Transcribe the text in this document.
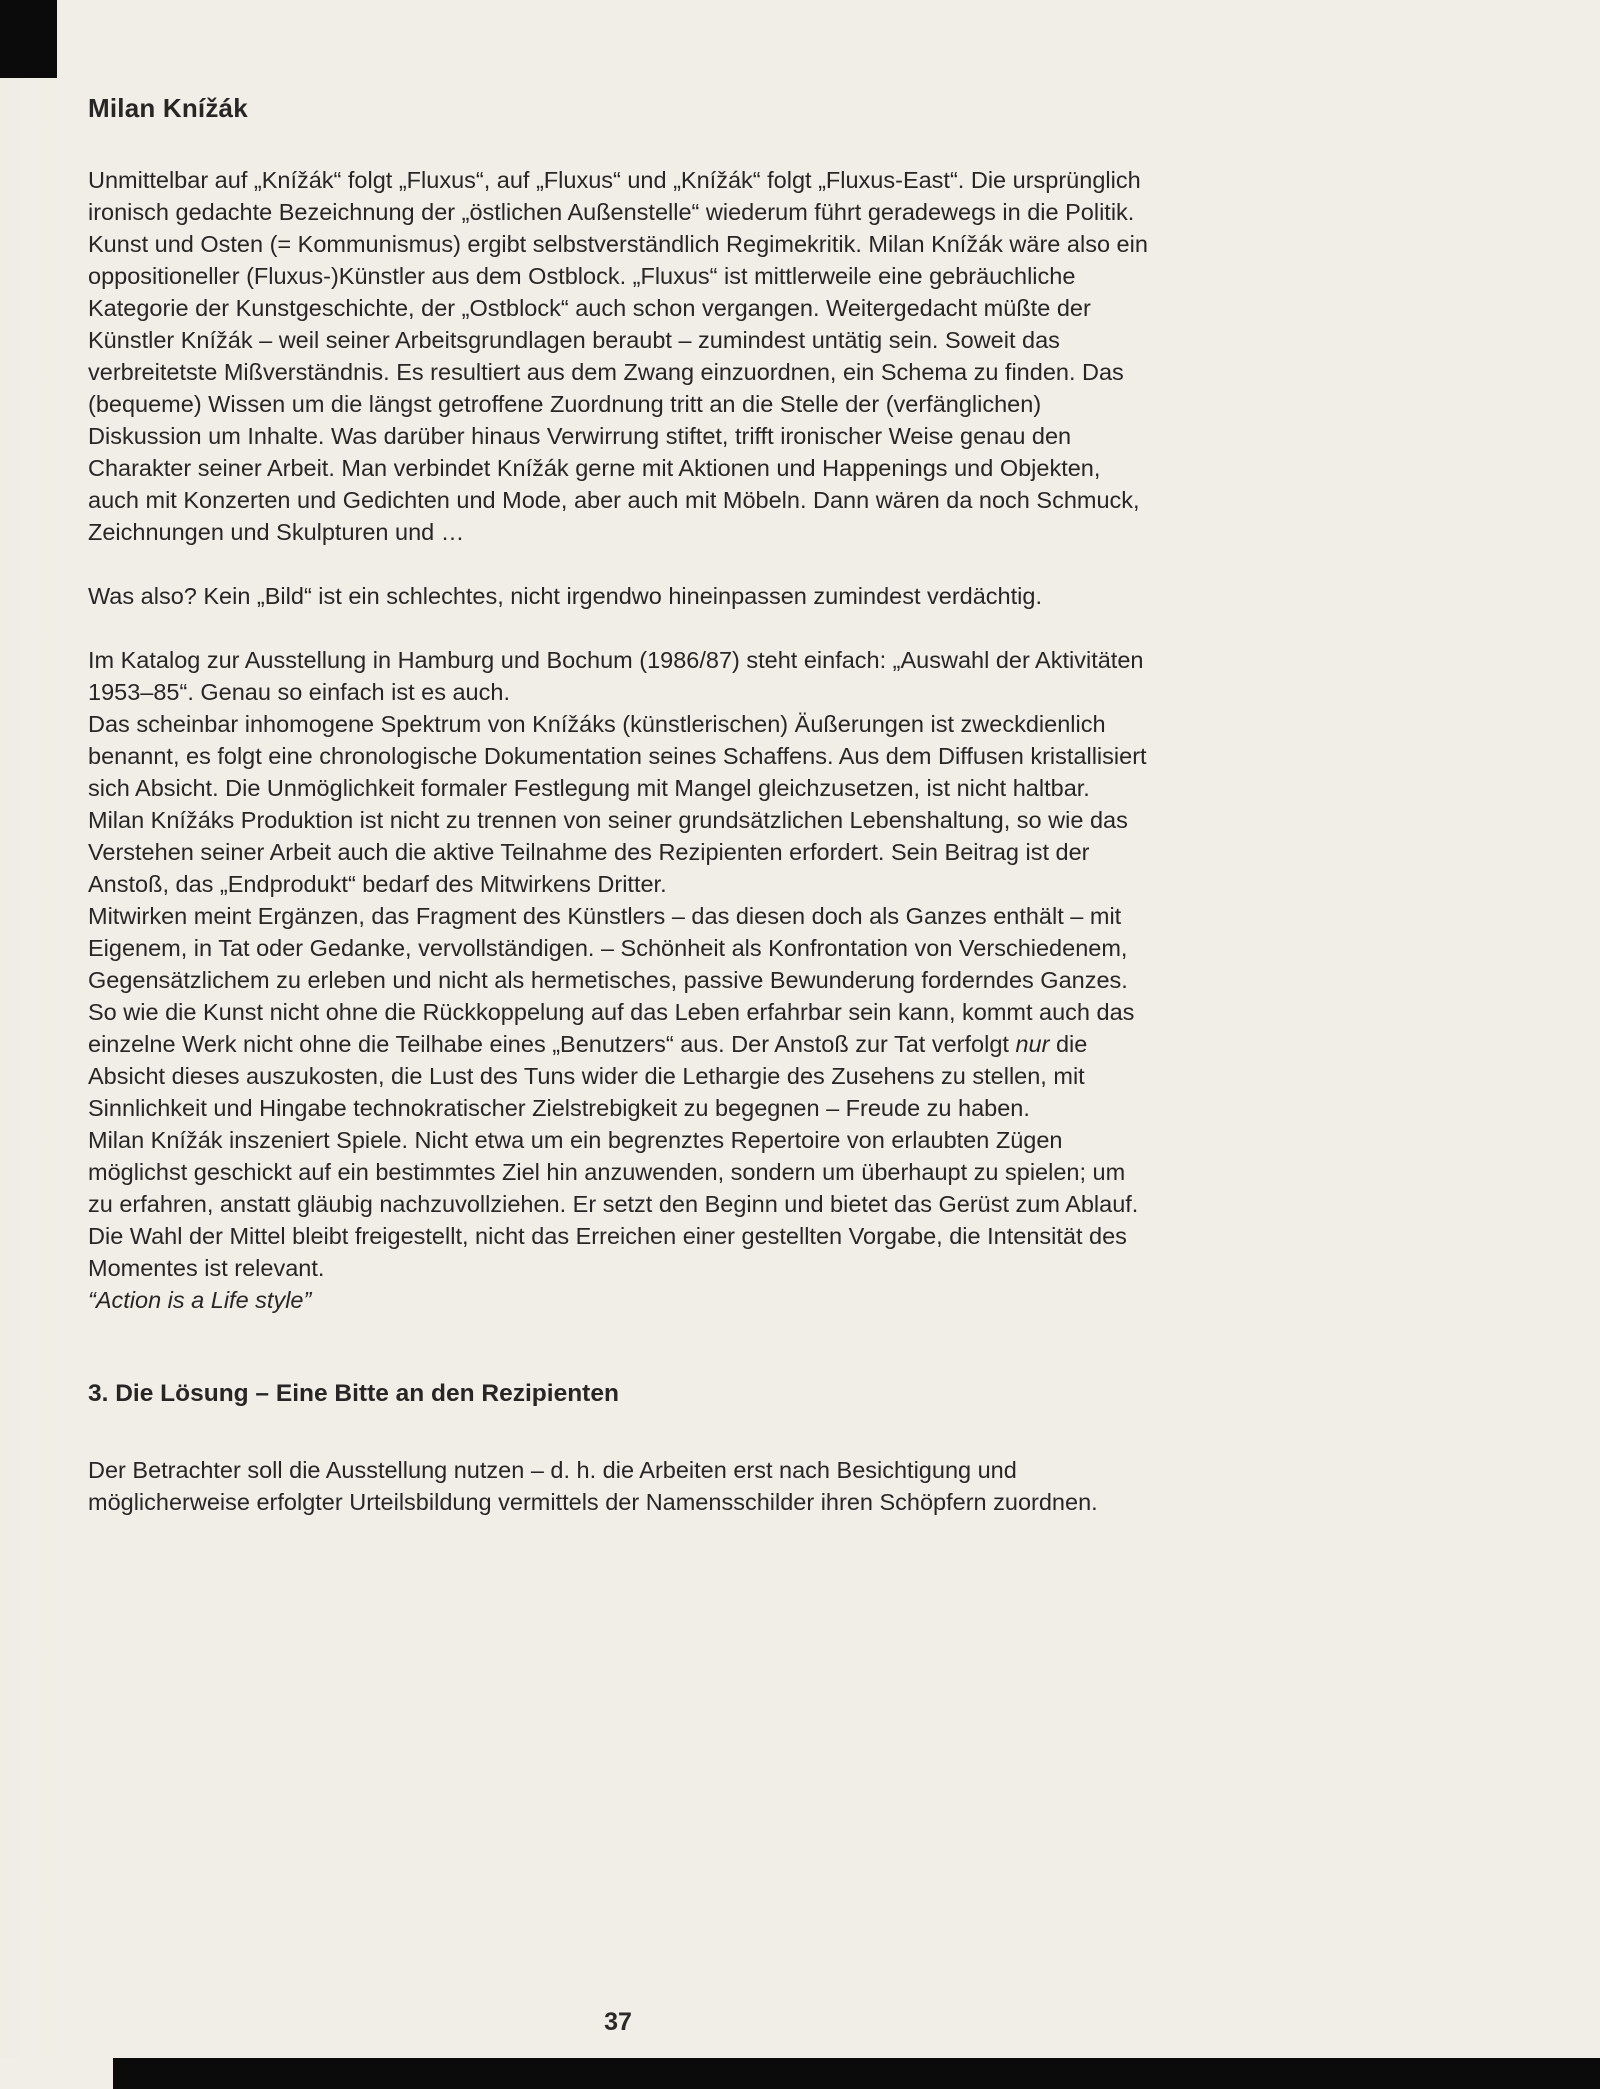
Milan Knížák

Unmittelbar auf „Knížák“ folgt „Fluxus“, auf „Fluxus“ und „Knížák“ folgt „Fluxus-East“. Die ursprünglich ironisch gedachte Bezeichnung der „östlichen Außenstelle“ wiederum führt geradewegs in die Politik. Kunst und Osten (= Kommunismus) ergibt selbstverständlich Regimekritik. Milan Knížák wäre also ein oppositioneller (Fluxus-)Künstler aus dem Ostblock. „Fluxus“ ist mittlerweile eine gebräuchliche Kategorie der Kunstgeschichte, der „Ostblock“ auch schon vergangen. Weitergedacht müßte der Künstler Knížák – weil seiner Arbeitsgrundlagen beraubt – zumindest untätig sein. Soweit das verbreitetste Mißverständnis. Es resultiert aus dem Zwang einzuordnen, ein Schema zu finden. Das (bequeme) Wissen um die längst getroffene Zuordnung tritt an die Stelle der (verfänglichen) Diskussion um Inhalte. Was darüber hinaus Verwirrung stiftet, trifft ironischer Weise genau den Charakter seiner Arbeit. Man verbindet Knížák gerne mit Aktionen und Happenings und Objekten, auch mit Konzerten und Gedichten und Mode, aber auch mit Möbeln. Dann wären da noch Schmuck, Zeichnungen und Skulpturen und …

Was also? Kein „Bild“ ist ein schlechtes, nicht irgendwo hineinpassen zumindest verdächtig.

Im Katalog zur Ausstellung in Hamburg und Bochum (1986/87) steht einfach: „Auswahl der Aktivitäten 1953–85“. Genau so einfach ist es auch.

Das scheinbar inhomogene Spektrum von Knížáks (künstlerischen) Äußerungen ist zweckdienlich benannt, es folgt eine chronologische Dokumentation seines Schaffens. Aus dem Diffusen kristallisiert sich Absicht. Die Unmöglichkeit formaler Festlegung mit Mangel gleichzusetzen, ist nicht haltbar.

Milan Knížáks Produktion ist nicht zu trennen von seiner grundsätzlichen Lebenshaltung, so wie das Verstehen seiner Arbeit auch die aktive Teilnahme des Rezipienten erfordert. Sein Beitrag ist der Anstoß, das „Endprodukt“ bedarf des Mitwirkens Dritter.

Mitwirken meint Ergänzen, das Fragment des Künstlers – das diesen doch als Ganzes enthält – mit Eigenem, in Tat oder Gedanke, vervollständigen. – Schönheit als Konfrontation von Verschiedenem, Gegensätzlichem zu erleben und nicht als hermetisches, passive Bewunderung forderndes Ganzes. So wie die Kunst nicht ohne die Rückkoppelung auf das Leben erfahrbar sein kann, kommt auch das einzelne Werk nicht ohne die Teilhabe eines „Benutzers“ aus. Der Anstoß zur Tat verfolgt nur die Absicht dieses auszukosten, die Lust des Tuns wider die Lethargie des Zusehens zu stellen, mit Sinnlichkeit und Hingabe technokratischer Zielstrebigkeit zu begegnen – Freude zu haben.

Milan Knížák inszeniert Spiele. Nicht etwa um ein begrenztes Repertoire von erlaubten Zügen möglichst geschickt auf ein bestimmtes Ziel hin anzuwenden, sondern um überhaupt zu spielen; um zu erfahren, anstatt gläubig nachzuvollziehen. Er setzt den Beginn und bietet das Gerüst zum Ablauf. Die Wahl der Mittel bleibt freigestellt, nicht das Erreichen einer gestellten Vorgabe, die Intensität des Momentes ist relevant.

“Action is a Life style”

3. Die Lösung – Eine Bitte an den Rezipienten

Der Betrachter soll die Ausstellung nutzen – d. h. die Arbeiten erst nach Besichtigung und möglicherweise erfolgter Urteilsbildung vermittels der Namensschilder ihren Schöpfern zuordnen.

37
